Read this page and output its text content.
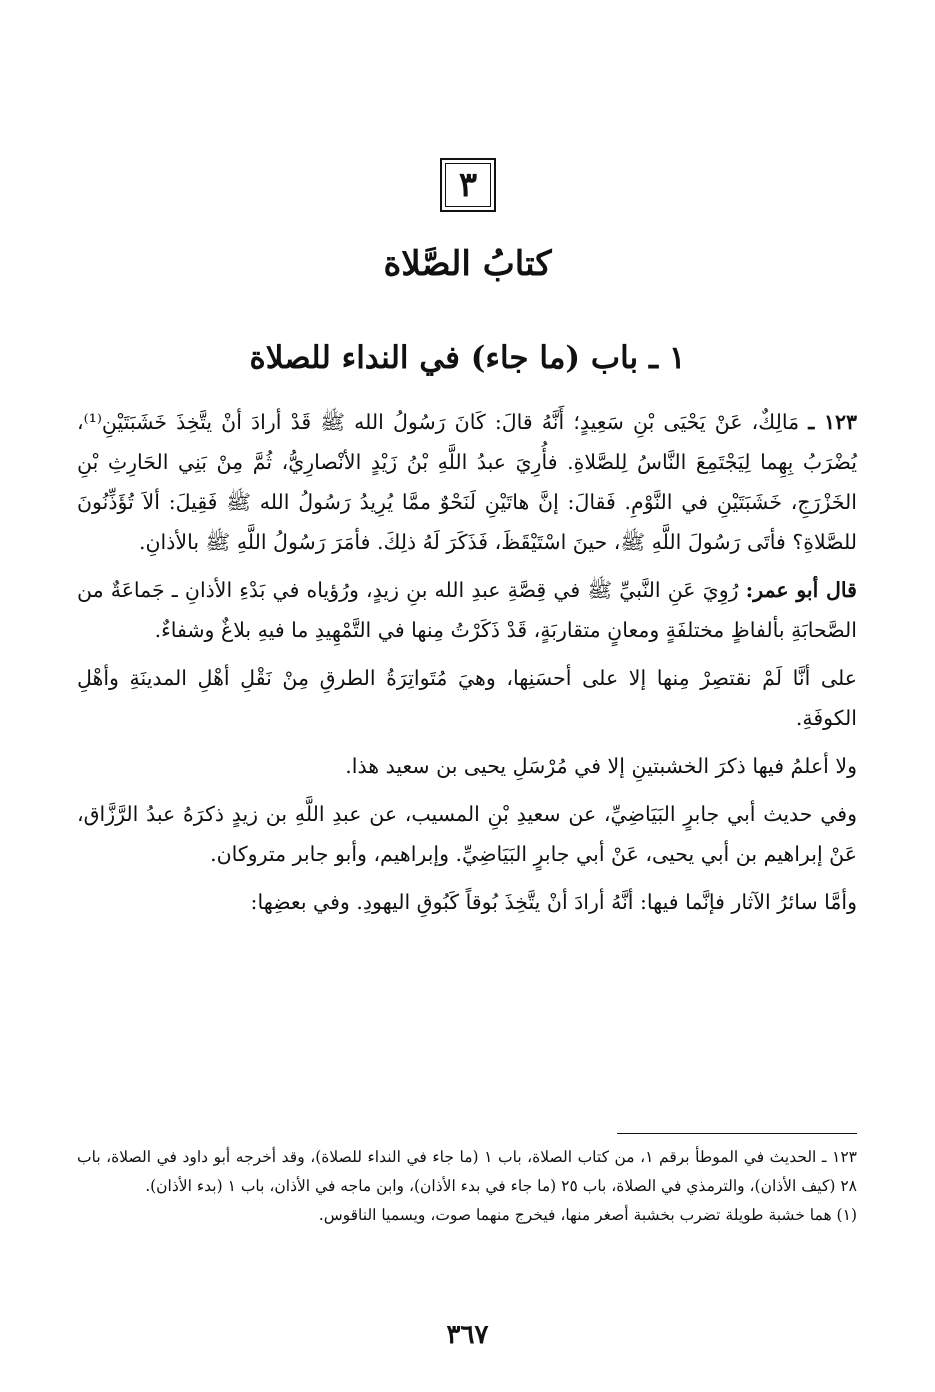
٣
كتابُ الصَّلاة
١ ـ باب (ما جاء) في النداء للصلاة

١٢٣ ـ مَالِكٌ، عَنْ يَحْيَى بْنِ سَعِيدٍ؛ أَنَّهُ قالَ: كَانَ رَسُولُ الله ﷺ قَدْ أرادَ أنْ يتَّخِذَ خَشَبَتَيْنِ⁽¹⁾، يُضْرَبُ بِهِما لِيَجْتَمِعَ النَّاسُ لِلصَّلاةِ. فأُرِيَ عبدُ اللَّهِ بْنُ زَيْدٍ الأنْصارِيُّ، ثُمَّ مِنْ بَنِي الحَارِثِ بْنِ الخَزْرَجِ، خَشَبَتَيْنِ في النَّوْمِ. فَقالَ: إنَّ هاتَيْنِ لَنَحْوٌ ممَّا يُرِيدُ رَسُولُ الله ﷺ فَقِيلَ: ألاَ تُؤَذِّنُونَ للصَّلاةِ؟ فأتَى رَسُولَ اللَّهِ ﷺ، حينَ اسْتَيْقَظَ، فَذَكَرَ لَهُ ذلِكَ. فأمَرَ رَسُولُ اللَّهِ ﷺ بالأذانِ.

قال أبو عمر: رُوِيَ عَنِ النَّبيِّ ﷺ في قِصَّةِ عبدِ الله بنِ زيدٍ، ورُؤياه في بَدْءِ الأذانِ ـ جَماعَةٌ من الصَّحابَةِ بألفاظٍ مختلفَةٍ ومعانٍ متقاربَةٍ، قَدْ ذَكَرْتُ مِنها في التَّمْهِيدِ ما فيهِ بلاغٌ وشفاءٌ.

على أنَّا لَمْ نقتصِرْ مِنها إلا على أحسَنِها، وهيَ مُتَواتِرَةُ الطرقِ مِنْ نَقْلِ أهْلِ المدينَةِ وأهْلِ الكوفَةِ.

ولا أعلمُ فيها ذكرَ الخشبتينِ إلا في مُرْسَلِ يحيى بن سعيد هذا.

وفي حديث أبي جابرٍ البَيَاضِيِّ، عن سعيدِ بْنِ المسيب، عن عبدِ اللَّهِ بن زيدٍ ذكرَهُ عبدُ الرَّزَّاق، عَنْ إبراهيم بن أبي يحيى، عَنْ أبي جابرٍ البَيَاضِيِّ. وإبراهيم، وأبو جابر متروكان.

وأمَّا سائرُ الآثار فإنَّما فيها: أنَّهُ أرادَ أنْ يتَّخِذَ بُوقاً كَبُوقِ اليهودِ. وفي بعضِها:

١٢٣ ـ الحديث في الموطأ برقم ١، من كتاب الصلاة، باب ١ (ما جاء في النداء للصلاة)، وقد أخرجه أبو داود في الصلاة، باب ٢٨ (كيف الأذان)، والترمذي في الصلاة، باب ٢٥ (ما جاء في بدء الأذان)، وابن ماجه في الأذان، باب ١ (بدء الأذان).

(١) هما خشبة طويلة تضرب بخشبة أصغر منها، فيخرج منهما صوت، ويسميا الناقوس.

٣٦٧
